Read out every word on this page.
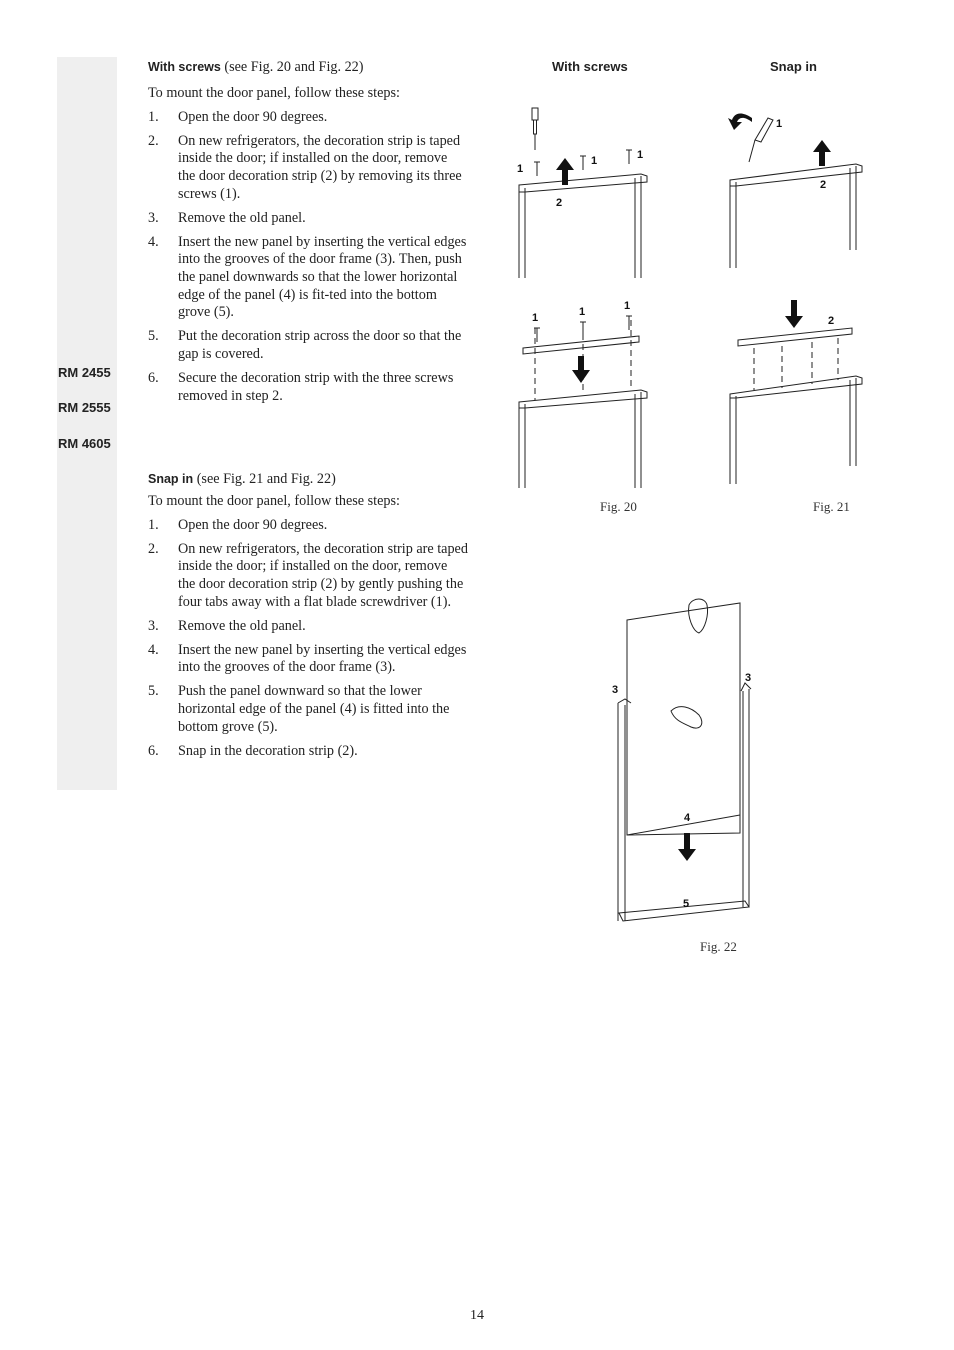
RM 2455
RM 2555
RM 4605

With screws (see Fig. 20 and Fig. 22)

To mount the door panel, follow these steps:

1. Open the door 90 degrees.
2. On new refrigerators, the decoration strip is taped inside the door; if installed on the door, remove the door decoration strip (2) by removing its three screws (1).
3. Remove the old panel.
4. Insert the new panel by inserting the vertical edges into the grooves of the door frame (3). Then, push the panel downwards so that the lower horizontal edge of the panel (4) is fit-ted into the bottom grove (5).
5. Put the decoration strip across the door so that the gap is covered.
6. Secure the decoration strip with the three screws removed in step 2.

Snap in (see Fig. 21 and Fig. 22)

To mount the door panel, follow these steps:

1. Open the door 90 degrees.
2. On new refrigerators, the decoration strip are taped inside the door; if installed on the door, remove the door decoration strip (2) by gently pushing the four tabs away with a flat blade screwdriver (1).
3. Remove the old panel.
4. Insert the new panel by inserting the vertical edges into the grooves of the door frame (3).
5. Push the panel downward so that the lower horizontal edge of the panel (4) is fitted into the bottom grove (5).
6. Snap in the decoration strip (2).
With screws	Snap in
1
1	1
2
1	1	1
1
2
2
Fig. 20	Fig. 21
3
3
4
5
Fig. 22
14
